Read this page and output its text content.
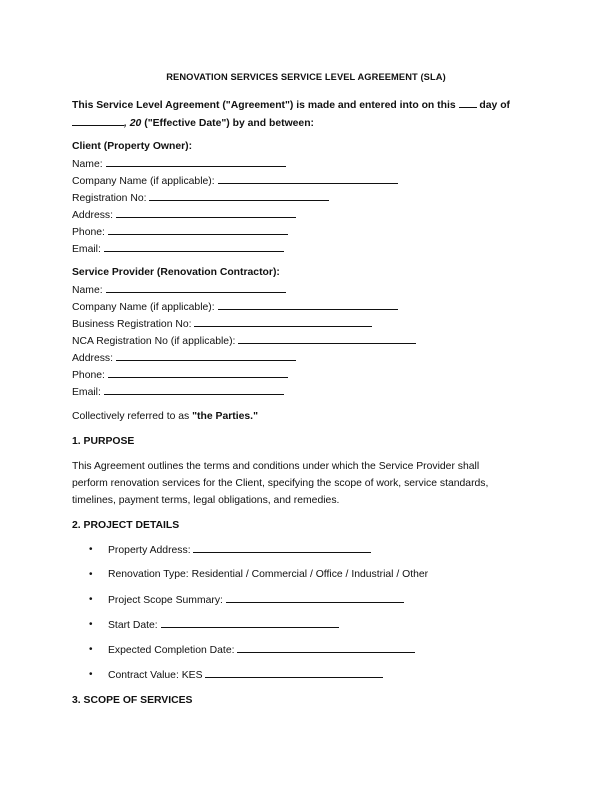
RENOVATION SERVICES SERVICE LEVEL AGREEMENT (SLA)
This Service Level Agreement ("Agreement") is made and entered into on this day of
, 20 ("Effective Date") by and between:
Client (Property Owner):
Name:
Company Name (if applicable):
Registration No:
Address:
Phone:
Email:
Service Provider (Renovation Contractor):
Name:
Company Name (if applicable):
Business Registration No:
NCA Registration No (if applicable):
Address:
Phone:
Email:
Collectively referred to as "the Parties."
1. PURPOSE
This Agreement outlines the terms and conditions under which the Service Provider shall
perform renovation services for the Client, specifying the scope of work, service standards,
timelines, payment terms, legal obligations, and remedies.
2. PROJECT DETAILS
• Property Address:
• Renovation Type: Residential / Commercial / Office / Industrial / Other
• Project Scope Summary:
• Start Date:
• Expected Completion Date:
• Contract Value: KES
3. SCOPE OF SERVICES
